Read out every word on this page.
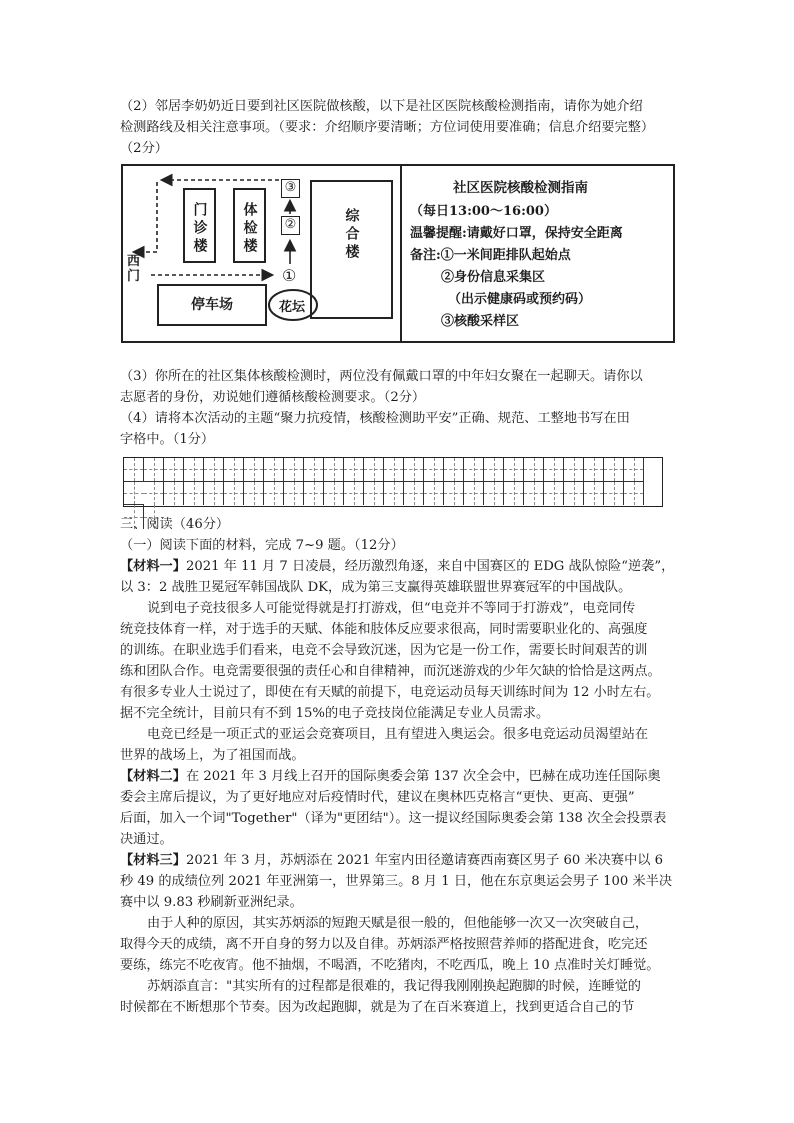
（2）邻居李奶奶近日要到社区医院做核酸，以下是社区医院核酸检测指南，请你为她介绍
检测路线及相关注意事项。（要求：介绍顺序要清晰；方位词使用要准确；信息介绍要完整）
（2分）
门诊楼	体检楼	综合楼
③
②
①
西
门
停车场	花坛
社区医院核酸检测指南
（每日13:00～16:00）
温馨提醒:请戴好口罩，保持安全距离
备注:①一米间距排队起始点
②身份信息采集区
（出示健康码或预约码）
③核酸采样区
（3）你所在的社区集体核酸检测时，两位没有佩戴口罩的中年妇女聚在一起聊天。请你以
志愿者的身份，劝说她们遵循核酸检测要求。（2分）
（4）请将本次活动的主题“聚力抗疫情，核酸检测助平安”正确、规范、工整地书写在田
字格中。（1分）
三、阅读（46分）
（一）阅读下面的材料，完成 7~9 题。（12分）
【材料一】2021 年 11 月 7 日凌晨，经历激烈角逐，来自中国赛区的 EDG 战队惊险“逆袭”，
以 3：2 战胜卫冕冠军韩国战队 DK，成为第三支赢得英雄联盟世界赛冠军的中国战队。
说到电子竞技很多人可能觉得就是打打游戏，但“电竞并不等同于打游戏”，电竞同传
统竞技体育一样，对于选手的天赋、体能和肢体反应要求很高，同时需要职业化的、高强度
的训练。在职业选手们看来，电竞不会导致沉迷，因为它是一份工作，需要长时间艰苦的训
练和团队合作。电竞需要很强的责任心和自律精神，而沉迷游戏的少年欠缺的恰恰是这两点。
有很多专业人士说过了，即使在有天赋的前提下，电竞运动员每天训练时间为 12 小时左右。
据不完全统计，目前只有不到 15%的电子竞技岗位能满足专业人员需求。
电竞已经是一项正式的亚运会竞赛项目，且有望进入奥运会。很多电竞运动员渴望站在
世界的战场上，为了祖国而战。
【材料二】在 2021 年 3 月线上召开的国际奥委会第 137 次全会中，巴赫在成功连任国际奥
委会主席后提议，为了更好地应对后疫情时代，建议在奥林匹克格言“更快、更高、更强”
后面，加入一个词"Together"（译为"更团结"）。这一提议经国际奥委会第 138 次全会投票表
决通过。
【材料三】2021 年 3 月，苏炳添在 2021 年室内田径邀请赛西南赛区男子 60 米决赛中以 6
秒 49 的成绩位列 2021 年亚洲第一，世界第三。8 月 1 日，他在东京奥运会男子 100 米半决
赛中以 9.83 秒刷新亚洲纪录。
由于人种的原因，其实苏炳添的短跑天赋是很一般的，但他能够一次又一次突破自己，
取得今天的成绩，离不开自身的努力以及自律。苏炳添严格按照营养师的搭配进食，吃完还
要练，练完不吃夜宵。他不抽烟，不喝酒，不吃猪肉，不吃西瓜，晚上 10 点准时关灯睡觉。
苏炳添直言："其实所有的过程都是很难的，我记得我刚刚换起跑脚的时候，连睡觉的
时候都在不断想那个节奏。因为改起跑脚，就是为了在百米赛道上，找到更适合自己的节
